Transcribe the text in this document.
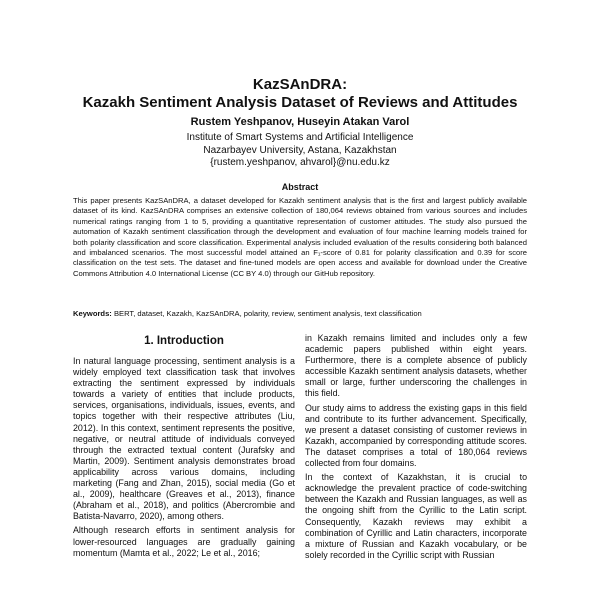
KazSAnDRA:
Kazakh Sentiment Analysis Dataset of Reviews and Attitudes
Rustem Yeshpanov, Huseyin Atakan Varol
Institute of Smart Systems and Artificial Intelligence
Nazarbayev University, Astana, Kazakhstan
{rustem.yeshpanov, ahvarol}@nu.edu.kz
Abstract
This paper presents KazSAnDRA, a dataset developed for Kazakh sentiment analysis that is the first and largest publicly available dataset of its kind. KazSAnDRA comprises an extensive collection of 180,064 reviews obtained from various sources and includes numerical ratings ranging from 1 to 5, providing a quantitative representation of customer attitudes. The study also pursued the automation of Kazakh sentiment classification through the development and evaluation of four machine learning models trained for both polarity classification and score classification. Experimental analysis included evaluation of the results considering both balanced and imbalanced scenarios. The most successful model attained an F₁-score of 0.81 for polarity classification and 0.39 for score classification on the test sets. The dataset and fine-tuned models are open access and available for download under the Creative Commons Attribution 4.0 International License (CC BY 4.0) through our GitHub repository.
Keywords: BERT, dataset, Kazakh, KazSAnDRA, polarity, review, sentiment analysis, text classification
1. Introduction

In natural language processing, sentiment analysis is a widely employed text classification task that involves extracting the sentiment expressed by individuals towards a variety of entities that include products, services, organisations, individuals, issues, events, and topics together with their respective attributes (Liu, 2012). In this context, sentiment represents the positive, negative, or neutral attitude of individuals conveyed through the extracted textual content (Jurafsky and Martin, 2009). Sentiment analysis demonstrates broad applicability across various domains, including marketing (Fang and Zhan, 2015), social media (Go et al., 2009), healthcare (Greaves et al., 2013), finance (Abraham et al., 2018), and politics (Abercrombie and Batista-Navarro, 2020), among others.

Although research efforts in sentiment analysis for lower-resourced languages are gradually gaining momentum (Mamta et al., 2022; Le et al., 2016;

in Kazakh remains limited and includes only a few academic papers published within eight years. Furthermore, there is a complete absence of publicly accessible Kazakh sentiment analysis datasets, whether small or large, further underscoring the challenges in this field.

Our study aims to address the existing gaps in this field and contribute to its further advancement. Specifically, we present a dataset consisting of customer reviews in Kazakh, accompanied by corresponding attitude scores. The dataset comprises a total of 180,064 reviews collected from four domains.

In the context of Kazakhstan, it is crucial to acknowledge the prevalent practice of code-switching between the Kazakh and Russian languages, as well as the ongoing shift from the Cyrillic to the Latin script. Consequently, Kazakh reviews may exhibit a combination of Cyrillic and Latin characters, incorporate a mixture of Russian and Kazakh vocabulary, or be solely recorded in the Cyrillic script with Russian
